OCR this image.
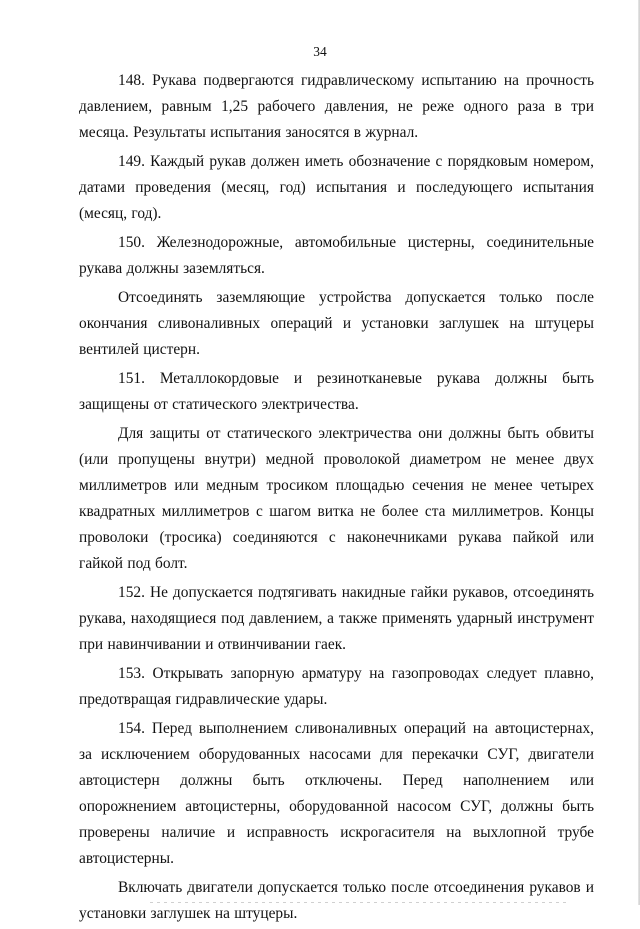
34

148. Рукава подвергаются гидравлическому испытанию на прочность давлением, равным 1,25 рабочего давления, не реже одного раза в три месяца. Результаты испытания заносятся в журнал.

149. Каждый рукав должен иметь обозначение с порядковым номером, датами проведения (месяц, год) испытания и последующего испытания (месяц, год).

150. Железнодорожные, автомобильные цистерны, соединительные рукава должны заземляться.

Отсоединять заземляющие устройства допускается только после окончания сливоналивных операций и установки заглушек на штуцеры вентилей цистерн.

151. Металлокордовые и резинотканевые рукава должны быть защищены от статического электричества.

Для защиты от статического электричества они должны быть обвиты (или пропущены внутри) медной проволокой диаметром не менее двух миллиметров или медным тросиком площадью сечения не менее четырех квадратных миллиметров с шагом витка не более ста миллиметров. Концы проволоки (тросика) соединяются с наконечниками рукава пайкой или гайкой под болт.

152. Не допускается подтягивать накидные гайки рукавов, отсоединять рукава, находящиеся под давлением, а также применять ударный инструмент при навинчивании и отвинчивании гаек.

153. Открывать запорную арматуру на газопроводах следует плавно, предотвращая гидравлические удары.

154. Перед выполнением сливоналивных операций на автоцистернах, за исключением оборудованных насосами для перекачки СУГ, двигатели автоцистерн должны быть отключены. Перед наполнением или опорожнением автоцистерны, оборудованной насосом СУГ, должны быть проверены наличие и исправность искрогасителя на выхлопной трубе автоцистерны.

Включать двигатели допускается только после отсоединения рукавов и установки заглушек на штуцеры.
